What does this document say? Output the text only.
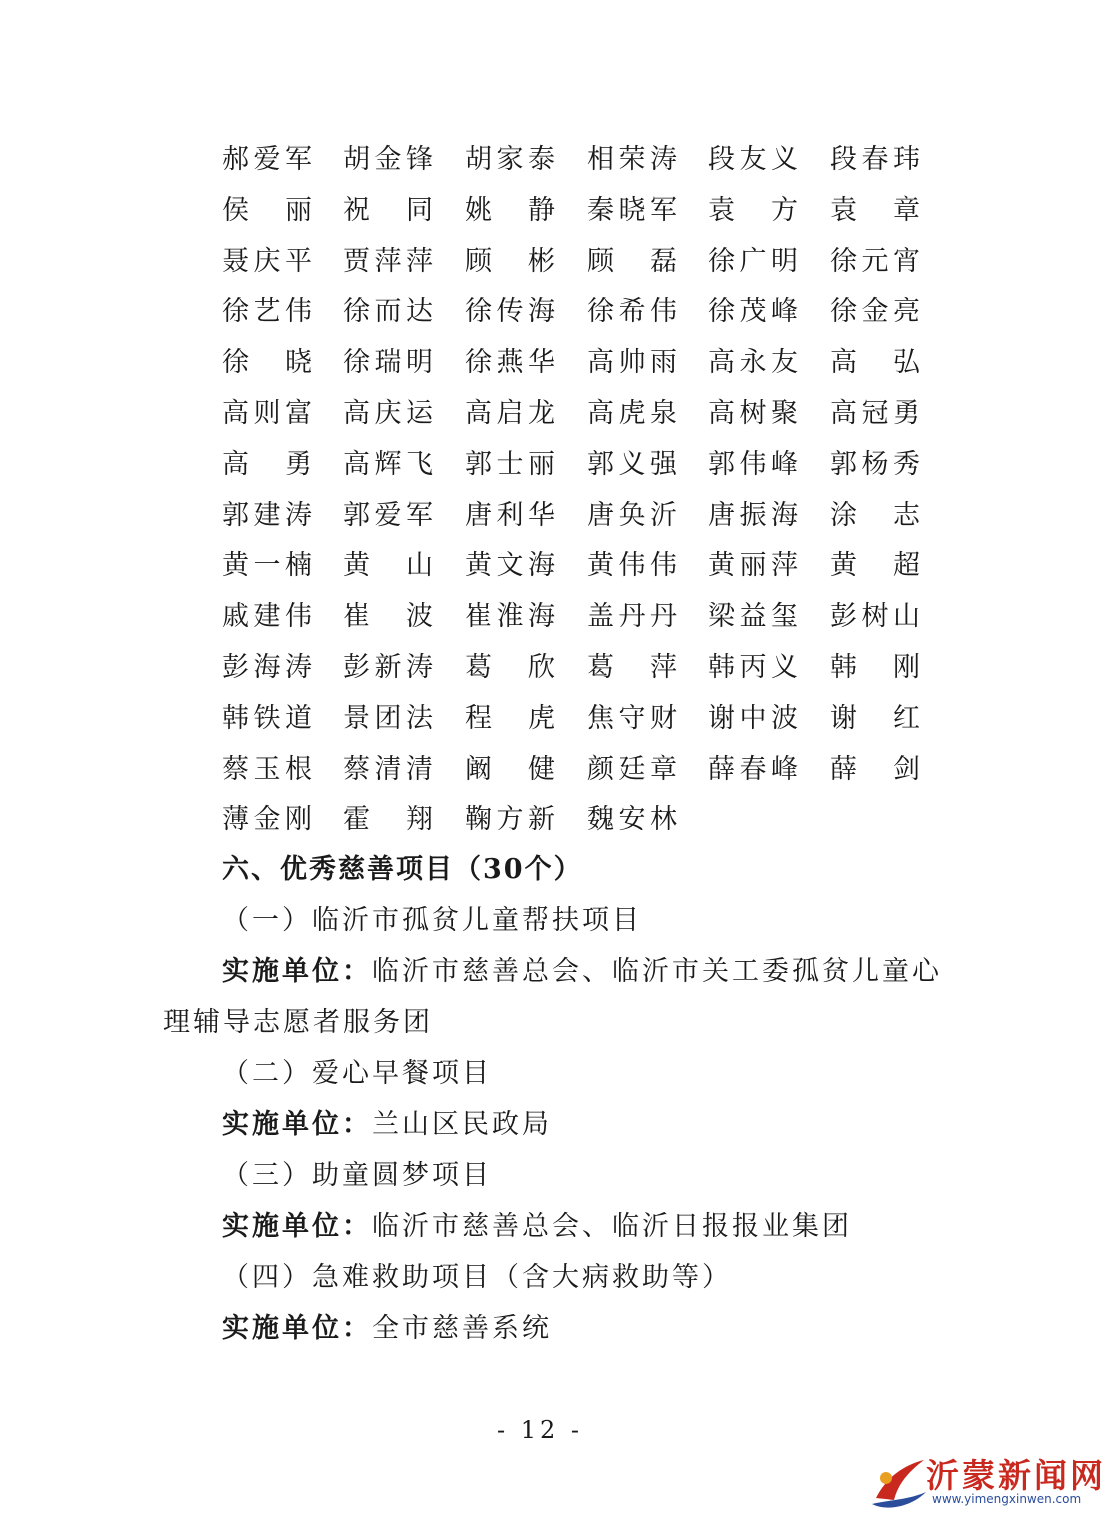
郝 爱 军 胡 金 锋 胡 家 泰 相 荣 涛 段 友 义 段 春 玮
侯 丽 祝 同 姚 静 秦 晓 军 袁 方 袁 章
聂 庆 平 贾 萍 萍 顾 彬 顾 磊 徐 广 明 徐 元 宵
徐 艺 伟 徐 而 达 徐 传 海 徐 希 伟 徐 茂 峰 徐 金 亮
徐 晓 徐 瑞 明 徐 燕 华 高 帅 雨 高 永 友 高 弘
高 则 富 高 庆 运 高 启 龙 高 虎 泉 高 树 聚 高 冠 勇
高 勇 高 辉 飞 郭 士 丽 郭 义 强 郭 伟 峰 郭 杨 秀
郭 建 涛 郭 爱 军 唐 利 华 唐 奂 沂 唐 振 海 涂 志
黄 一 楠 黄 山 黄 文 海 黄 伟 伟 黄 丽 萍 黄 超
戚 建 伟 崔 波 崔 淮 海 盖 丹 丹 梁 益 玺 彭 树 山
彭 海 涛 彭 新 涛 葛 欣 葛 萍 韩 丙 义 韩 刚
韩 铁 道 景 团 法 程 虎 焦 守 财 谢 中 波 谢 红
蔡 玉 根 蔡 清 清 阚 健 颜 廷 章 薛 春 峰 薛 剑
薄 金 刚 霍 翔 鞠 方 新 魏 安 林
六、优秀慈善项目（30个）
（一）临沂市孤贫儿童帮扶项目
实施单位：临沂市慈善总会、临沂市关工委孤贫儿童心
理辅导志愿者服务团
（二）爱心早餐项目
实施单位：兰山区民政局
（三）助童圆梦项目
实施单位：临沂市慈善总会、临沂日报报业集团
（四）急难救助项目（含大病救助等）
实施单位：全市慈善系统
- 12 -
沂蒙新闻网
www.yimengxinwen.com
